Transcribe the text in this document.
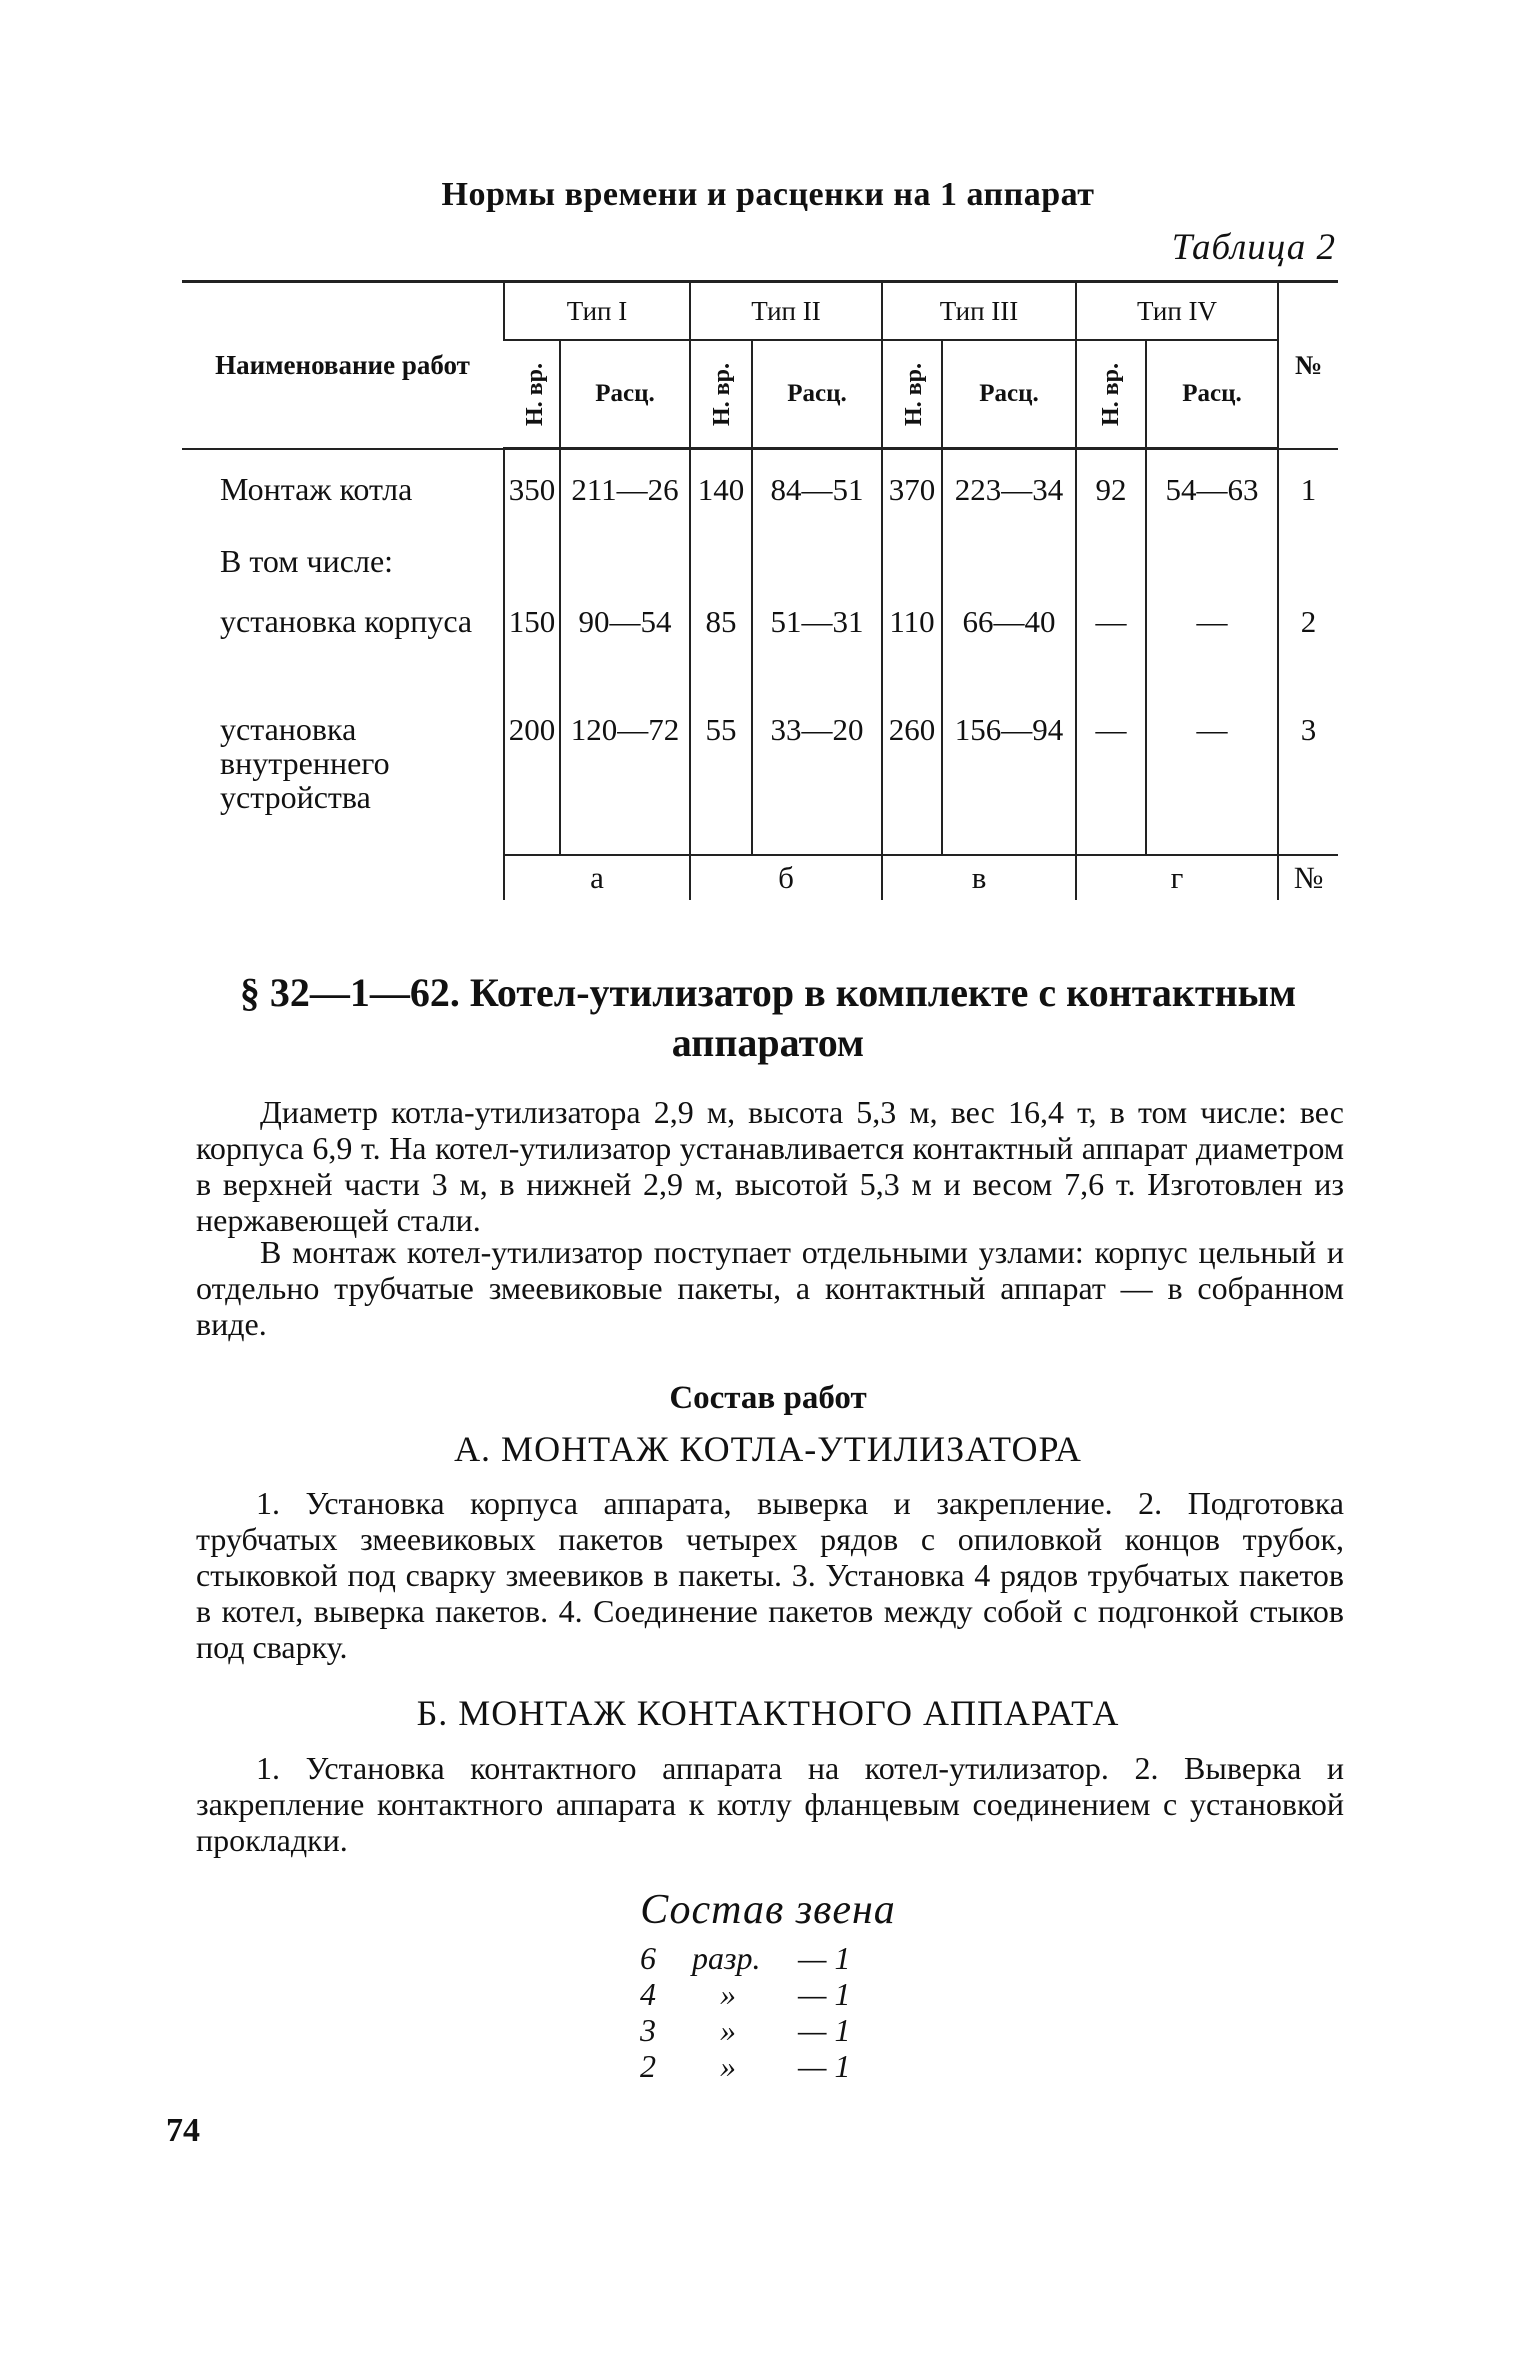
Нормы времени и расценки на 1 аппарат
Таблица 2
Наименование работ	Тип I		Тип II		Тип III		Тип IV		№
	Н. вр.	Расц.	Н. вр.	Расц.	Н. вр.	Расц.	Н. вр.	Расц.	
Монтаж котла	350	211—26	140	84—51	370	223—34	92	54—63	1
В том числе:									
установка корпуса	150	90—54	85	51—31	110	66—40	—	—	2
установка внутреннего устройства	200	120—72	55	33—20	260	156—94	—	—	3

	а		б		в		г		№
§ 32—1—62. Котел-утилизатор в комплекте с контактным
аппаратом
Диаметр котла-утилизатора 2,9 м, высота 5,3 м, вес 16,4 т, в том числе: вес корпуса 6,9 т. На котел-утилизатор устанавливается контактный аппарат диаметром в верхней части 3 м, в нижней 2,9 м, высотой 5,3 м и весом 7,6 т. Изготовлен из нержавеющей стали.
В монтаж котел-утилизатор поступает отдельными узлами: корпус цельный и отдельно трубчатые змеевиковые пакеты, а контактный аппарат — в собранном виде.
Состав работ
А. МОНТАЖ КОТЛА-УТИЛИЗАТОРА
1. Установка корпуса аппарата, выверка и закрепление. 2. Подготовка трубчатых змеевиковых пакетов четырех рядов с опиловкой концов трубок, стыковкой под сварку змеевиков в пакеты. 3. Установка 4 рядов трубчатых пакетов в котел, выверка пакетов. 4. Соединение пакетов между собой с подгонкой стыков под сварку.
Б. МОНТАЖ КОНТАКТНОГО АППАРАТА
1. Установка контактного аппарата на котел-утилизатор. 2. Выверка и закрепление контактного аппарата к котлу фланцевым соединением с установкой прокладки.
Состав звена
6	разр.	— 1
4	»	— 1
3	»	— 1
2	»	— 1
74
